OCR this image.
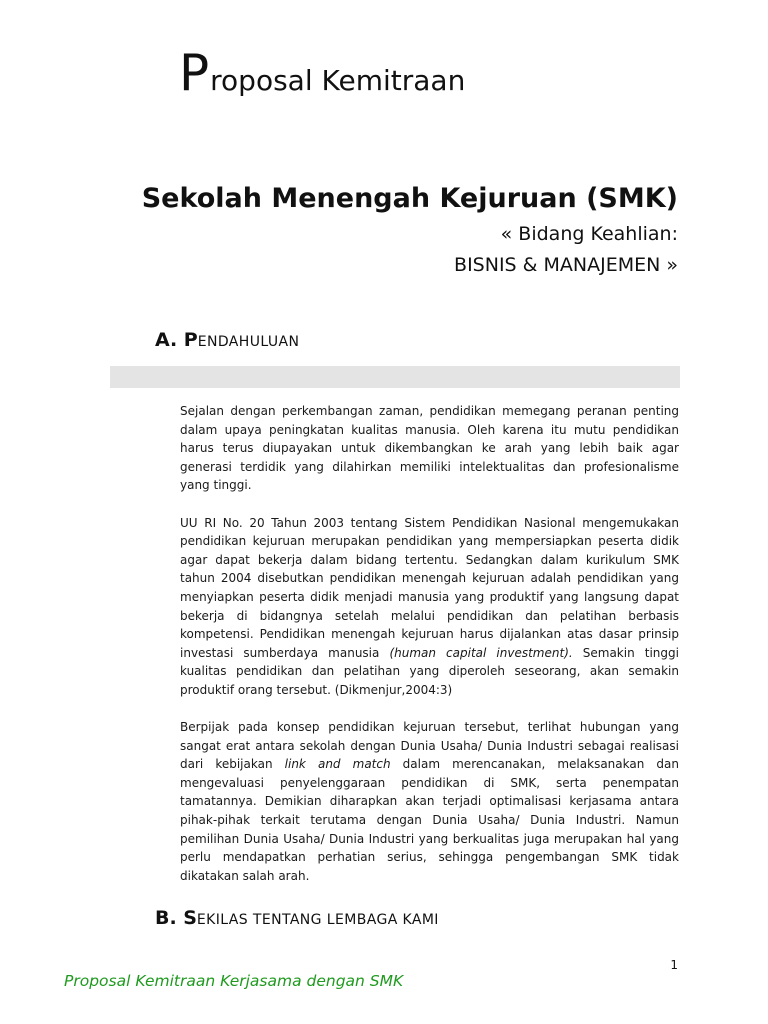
Proposal Kemitraan
Sekolah Menengah Kejuruan (SMK)

« Bidang Keahlian:

BISNIS & MANAJEMEN »

A. PENDAHULUAN

Sejalan dengan perkembangan zaman, pendidikan memegang peranan penting dalam upaya peningkatan kualitas manusia. Oleh karena itu mutu pendidikan harus terus diupayakan untuk dikembangkan ke arah yang lebih baik agar generasi terdidik yang dilahirkan memiliki intelektualitas dan profesionalisme yang tinggi.

UU RI No. 20 Tahun 2003 tentang Sistem Pendidikan Nasional mengemukakan pendidikan kejuruan merupakan pendidikan yang mempersiapkan peserta didik agar dapat bekerja dalam bidang tertentu. Sedangkan dalam kurikulum SMK tahun 2004 disebutkan pendidikan menengah kejuruan adalah pendidikan yang menyiapkan peserta didik menjadi manusia yang produktif yang langsung dapat bekerja di bidangnya setelah melalui pendidikan dan pelatihan berbasis kompetensi. Pendidikan menengah kejuruan harus dijalankan atas dasar prinsip investasi sumberdaya manusia (human capital investment). Semakin tinggi kualitas pendidikan dan pelatihan yang diperoleh seseorang, akan semakin produktif orang tersebut. (Dikmenjur,2004:3)

Berpijak pada konsep pendidikan kejuruan tersebut, terlihat hubungan yang sangat erat antara sekolah dengan Dunia Usaha/ Dunia Industri sebagai realisasi dari kebijakan link and match dalam merencanakan, melaksanakan dan mengevaluasi penyelenggaraan pendidikan di SMK, serta penempatan tamatannya. Demikian diharapkan akan terjadi optimalisasi kerjasama antara pihak-pihak terkait terutama dengan Dunia Usaha/ Dunia Industri. Namun pemilihan Dunia Usaha/ Dunia Industri yang berkualitas juga merupakan hal yang perlu mendapatkan perhatian serius, sehingga pengembangan SMK tidak dikatakan salah arah.

B. SEKILAS TENTANG LEMBAGA KAMI

1

Proposal Kemitraan Kerjasama dengan SMK
